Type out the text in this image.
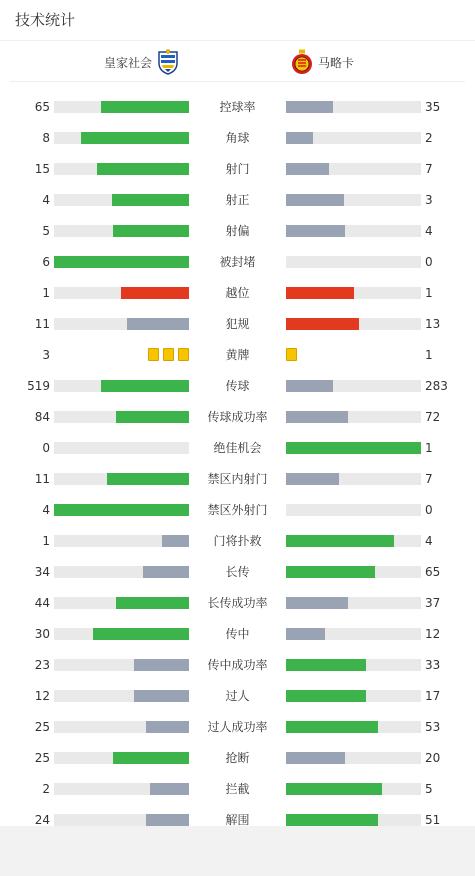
技术统计
皇家社会	马略卡
65	控球率	35
8	角球	2
15	射门	7
4	射正	3
5	射偏	4
6	被封堵	0
1	越位	1
11	犯规	13
3	黄牌	1
519	传球	283
84	传球成功率	72
0	绝佳机会	1
11	禁区内射门	7
4	禁区外射门	0
1	门将扑救	4
34	长传	65
44	长传成功率	37
30	传中	12
23	传中成功率	33
12	过人	17
25	过人成功率	53
25	抢断	20
2	拦截	5
24	解围	51
